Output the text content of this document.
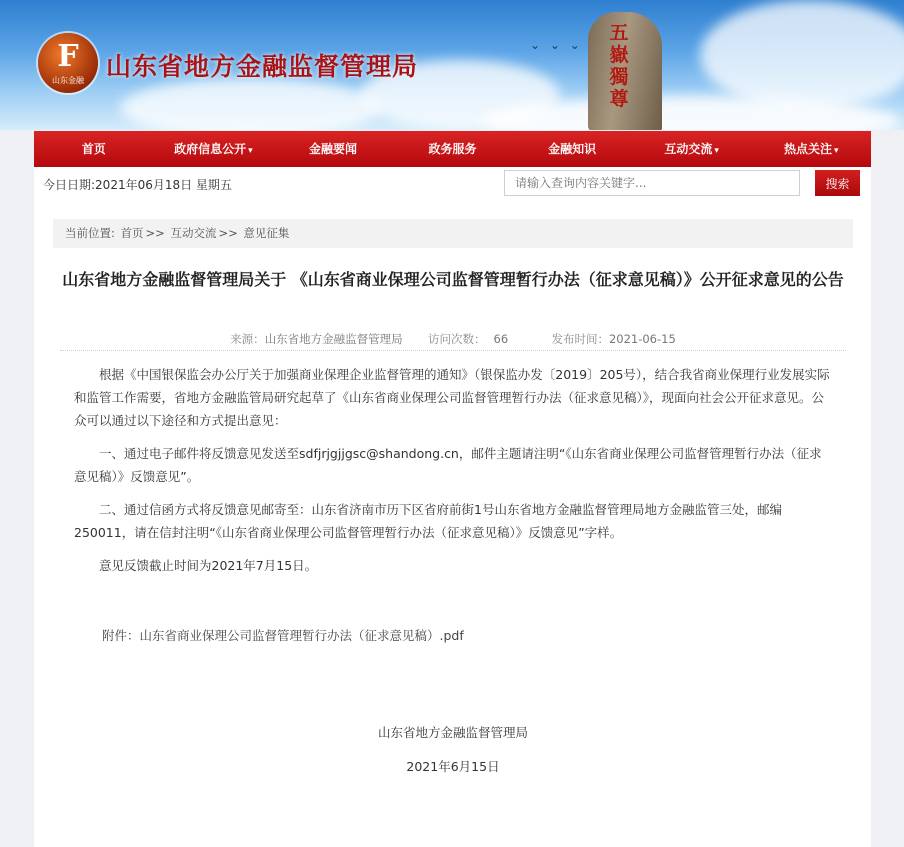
⌄ ⌄ ⌄
五嶽獨尊
F
山东金融 山东省地方金融监督管理局
首页	政府信息公开 ▾	金融要闻	政务服务	金融知识	互动交流 ▾	热点关注 ▾
今日日期:2021年06月18日 星期五
请输入查询内容关键字...	搜索
当前位置: 首页 >> 互动交流 >> 意见征集
山东省地方金融监督管理局关于 《山东省商业保理公司监督管理暂行办法（征求意见稿）》公开征求意见的公告
来源：山东省地方金融监督管理局 访问次数： 66	发布时间：2021-06-15

根据《中国银保监会办公厅关于加强商业保理企业监督管理的通知》（银保监办发〔2019〕205号），结合我省商业保理行业发展实际和监管工作需要，省地方金融监管局研究起草了《山东省商业保理公司监督管理暂行办法（征求意见稿）》，现面向社会公开征求意见。公众可以通过以下途径和方式提出意见：

一、通过电子邮件将反馈意见发送至sdfjrjgjjgsc@shandong.cn，邮件主题请注明“《山东省商业保理公司监督管理暂行办法（征求意见稿）》反馈意见”。

二、通过信函方式将反馈意见邮寄至：山东省济南市历下区省府前街1号山东省地方金融监督管理局地方金融监管三处，邮编250011，请在信封注明“《山东省商业保理公司监督管理暂行办法（征求意见稿）》反馈意见”字样。

意见反馈截止时间为2021年7月15日。

附件：山东省商业保理公司监督管理暂行办法（征求意见稿）.pdf
山东省地方金融监督管理局
2021年6月15日
